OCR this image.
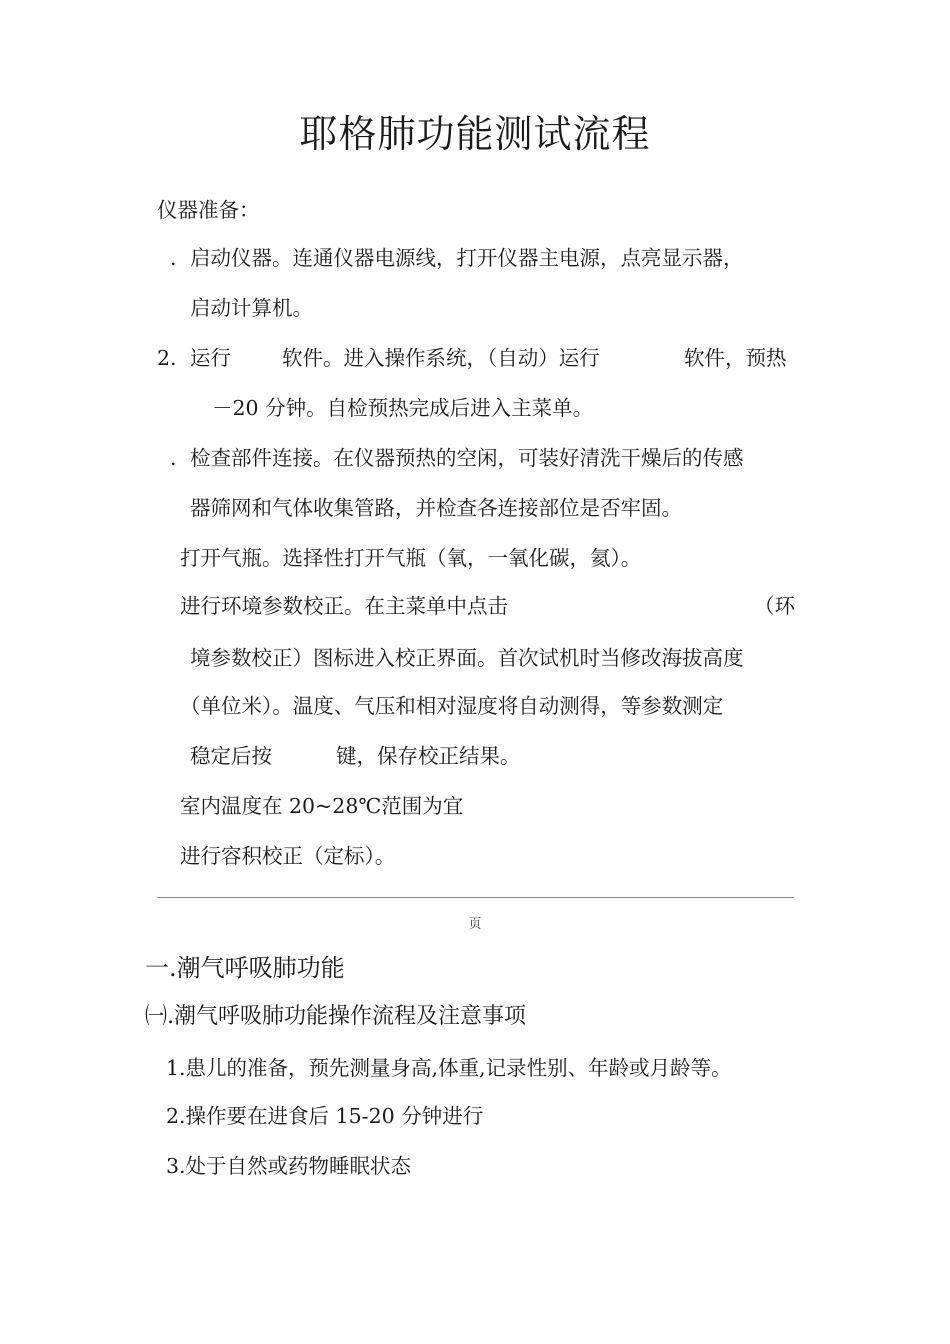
耶格肺功能测试流程
仪器准备：
. 启动仪器。连通仪器电源线，打开仪器主电源，点亮显示器，
启动计算机。
2. 运行 软件。进入操作系统，（自动）运行	软件，预热
－20 分钟。自检预热完成后进入主菜单。
. 检查部件连接。在仪器预热的空闲，可装好清洗干燥后的传感
器筛网和气体收集管路，并检查各连接部位是否牢固。
打开气瓶。选择性打开气瓶（氧，一氧化碳，氦）。
进行环境参数校正。在主菜单中点击	（环
境参数校正）图标进入校正界面。首次试机时当修改海拔高度
（单位米）。温度、气压和相对湿度将自动测得，等参数测定
稳定后按	键，保存校正结果。
室内温度在 20~28℃范围为宜
进行容积校正（定标）。
页
一.潮气呼吸肺功能
㈠.潮气呼吸肺功能操作流程及注意事项
1.患儿的准备，预先测量身高,体重,记录性别、年龄或月龄等。
2.操作要在进食后 15-20 分钟进行
3.处于自然或药物睡眠状态
